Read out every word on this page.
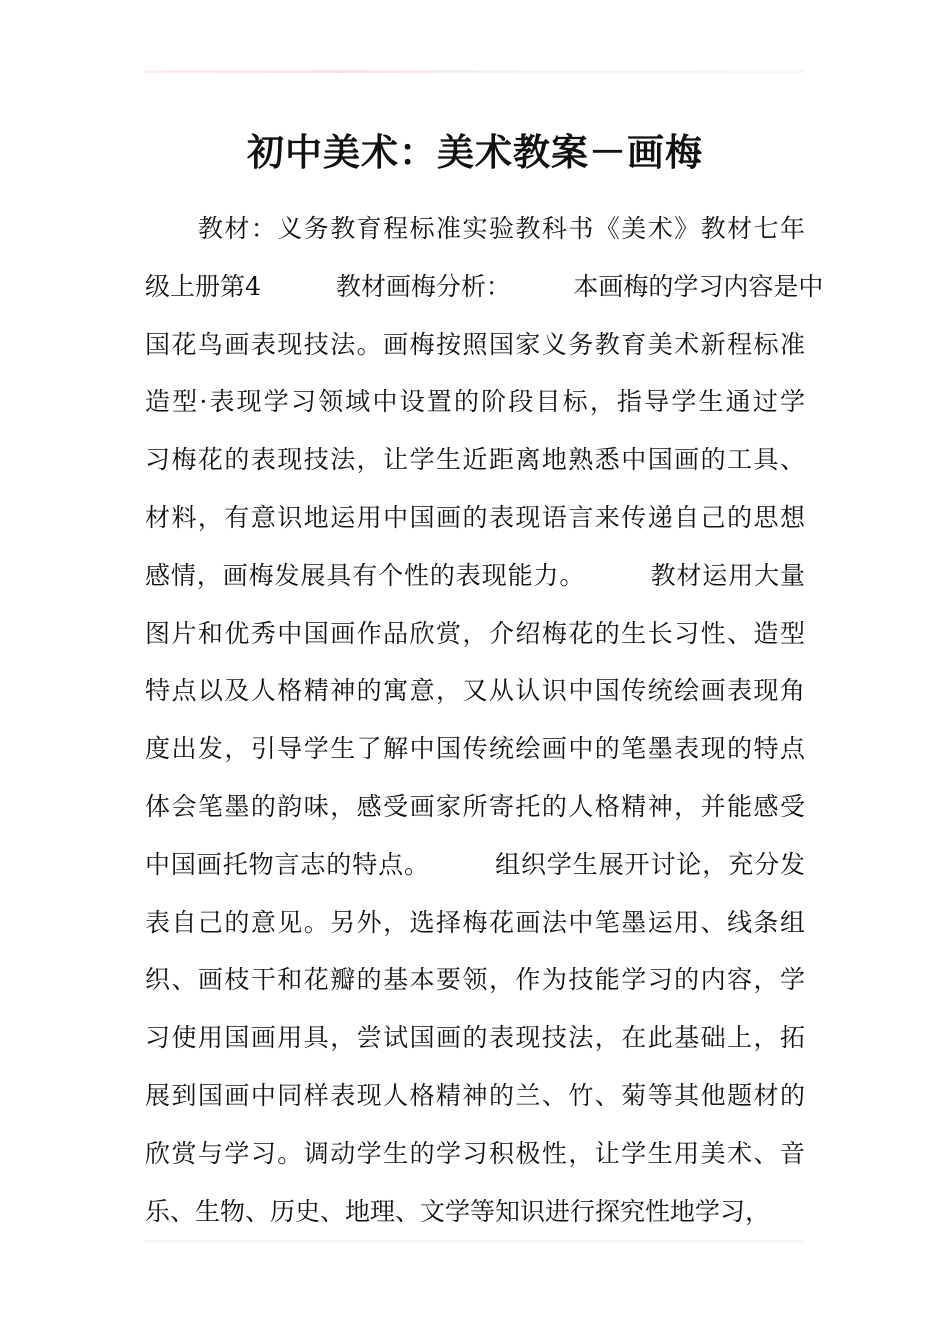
初中美术：美术教案－画梅
　　教材：义务教育程标准实验教科书《美术》教材七年
级上册第4　　　教材画梅分析：　　　本画梅的学习内容是中
国花鸟画表现技法。画梅按照国家义务教育美术新程标准
造型·表现学习领域中设置的阶段目标，指导学生通过学
习梅花的表现技法，让学生近距离地熟悉中国画的工具、
材料，有意识地运用中国画的表现语言来传递自己的思想
感情，画梅发展具有个性的表现能力。　　　教材运用大量
图片和优秀中国画作品欣赏，介绍梅花的生长习性、造型
特点以及人格精神的寓意，又从认识中国传统绘画表现角
度出发，引导学生了解中国传统绘画中的笔墨表现的特点
体会笔墨的韵味，感受画家所寄托的人格精神，并能感受
中国画托物言志的特点。　　　组织学生展开讨论，充分发
表自己的意见。另外，选择梅花画法中笔墨运用、线条组
织、画枝干和花瓣的基本要领，作为技能学习的内容，学
习使用国画用具，尝试国画的表现技法，在此基础上，拓
展到国画中同样表现人格精神的兰、竹、菊等其他题材的
欣赏与学习。调动学生的学习积极性，让学生用美术、音
乐、生物、历史、地理、文学等知识进行探究性地学习，
